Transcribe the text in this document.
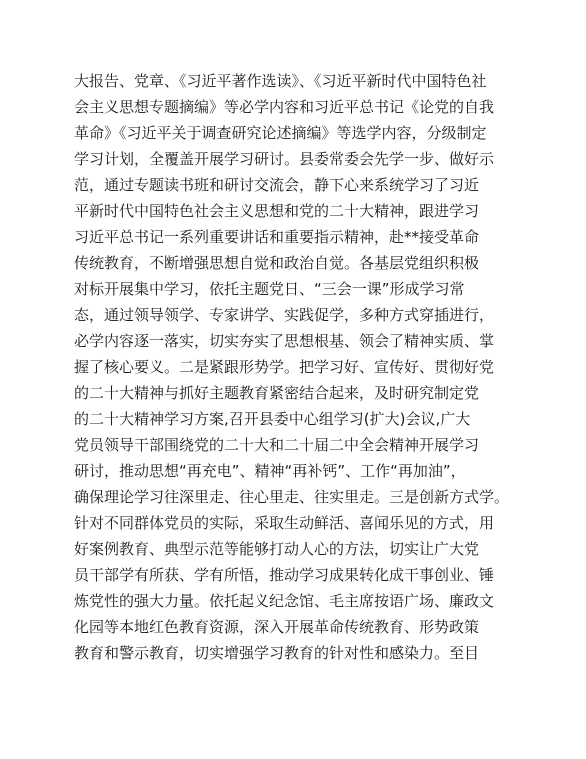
大报告、党章、《习近平著作选读》、《习近平新时代中国特色社
会主义思想专题摘编》等必学内容和习近平总书记《论党的自我
革命》《习近平关于调查研究论述摘编》等选学内容，分级制定
学习计划，全覆盖开展学习研讨。县委常委会先学一步、做好示
范，通过专题读书班和研讨交流会，静下心来系统学习了习近
平新时代中国特色社会主义思想和党的二十大精神，跟进学习
习近平总书记一系列重要讲话和重要指示精神，赴**接受革命
传统教育，不断增强思想自觉和政治自觉。各基层党组织积极
对标开展集中学习，依托主题党日、“三会一课”形成学习常
态，通过领导领学、专家讲学、实践促学，多种方式穿插进行，
必学内容逐一落实，切实夯实了思想根基、领会了精神实质、掌
握了核心要义。二是紧跟形势学。把学习好、宣传好、贯彻好党
的二十大精神与抓好主题教育紧密结合起来，及时研究制定党
的二十大精神学习方案,召开县委中心组学习(扩大)会议,广大
党员领导干部围绕党的二十大和二十届二中全会精神开展学习
研讨，推动思想“再充电”、精神“再补钙”、工作“再加油”，
确保理论学习往深里走、往心里走、往实里走。三是创新方式学。
针对不同群体党员的实际，采取生动鲜活、喜闻乐见的方式，用
好案例教育、典型示范等能够打动人心的方法，切实让广大党
员干部学有所获、学有所悟，推动学习成果转化成干事创业、锤
炼党性的强大力量。依托起义纪念馆、毛主席按语广场、廉政文
化园等本地红色教育资源，深入开展革命传统教育、形势政策
教育和警示教育，切实增强学习教育的针对性和感染力。至目
